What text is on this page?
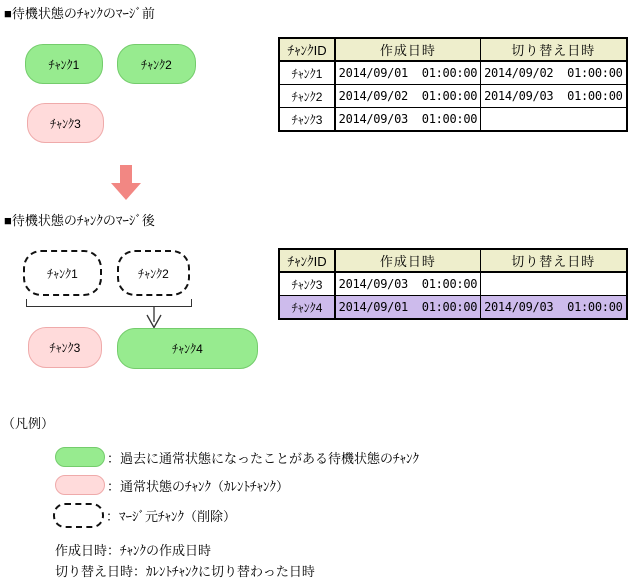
■待機状態のﾁｬﾝｸのﾏｰｼﾞ前
ﾁｬﾝｸ1	ﾁｬﾝｸ2
ﾁｬﾝｸ3
ﾁｬﾝｸID	作成日時	切り替え日時
ﾁｬﾝｸ1	2014/09/01  01:00:00	2014/09/02  01:00:00
ﾁｬﾝｸ2	2014/09/02  01:00:00	2014/09/03  01:00:00
ﾁｬﾝｸ3	2014/09/03  01:00:00	
■待機状態のﾁｬﾝｸのﾏｰｼﾞ後
ﾁｬﾝｸ1	ﾁｬﾝｸ2
ﾁｬﾝｸ3	ﾁｬﾝｸ4
ﾁｬﾝｸID	作成日時	切り替え日時
ﾁｬﾝｸ3	2014/09/03  01:00:00	
ﾁｬﾝｸ4	2014/09/01  01:00:00	2014/09/03  01:00:00
（凡例）
：過去に通常状態になったことがある待機状態のﾁｬﾝｸ
：通常状態のﾁｬﾝｸ（ｶﾚﾝﾄﾁｬﾝｸ）
：ﾏｰｼﾞ元ﾁｬﾝｸ（削除）
作成日時：ﾁｬﾝｸの作成日時
切り替え日時：ｶﾚﾝﾄﾁｬﾝｸに切り替わった日時
